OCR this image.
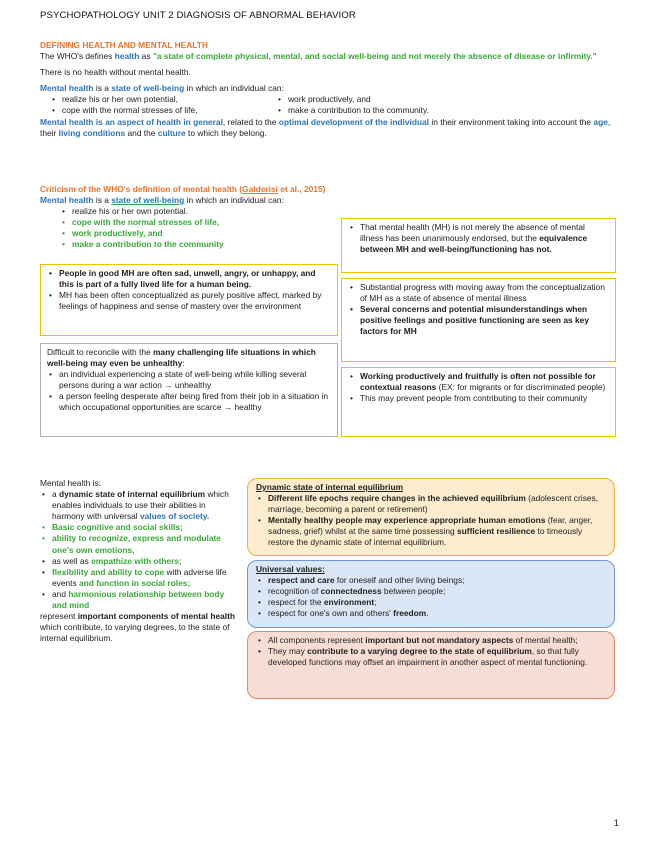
PSYCHOPATHOLOGY UNIT 2 DIAGNOSIS OF ABNORMAL BEHAVIOR

DEFINING HEALTH AND MENTAL HEALTH

The WHO's defines health as "a state of complete physical, mental, and social well-being and not merely the absence of disease or infirmity."

There is no health without mental health.

Mental health is a state of well-being in which an individual can:

• realize his or her own potential,
• cope with the normal stresses of life,
• work productively, and
• make a contribution to the community.

Mental health is an aspect of health in general, related to the optimal development of the individual in their environment taking into account the age, their living conditions and the culture to which they belong.

Criticism of the WHO's definition of mental health (Galderisi et al., 2015)

Mental health is a state of well-being in which an individual can:

• realize his or her own potential.
• cope with the normal stresses of life,
• work productively, and
• make a contribution to the community
• People in good MH are often sad, unwell, angry, or unhappy, and this is part of a fully lived life for a human being.
• MH has been often conceptualized as purely positive affect, marked by feelings of happiness and sense of mastery over the environment

Difficult to reconcile with the many challenging life situations in which well-being may even be unhealthy:

• an individual experiencing a state of well-being while killing several persons during a war action → unhealthy
• a person feeling desperate after being fired from their job in a situation in which occupational opportunities are scarce → healthy
• That mental health (MH) is not merely the absence of mental illness has been unanimously endorsed, but the equivalence between MH and well-being/functioning has not.
• Substantial progress with moving away from the conceptualization of MH as a state of absence of mental illness
• Several concerns and potential misunderstandings when positive feelings and positive functioning are seen as key factors for MH
• Working productively and fruitfully is often not possible for contextual reasons (EX: for migrants or for discriminated people)
• This may prevent people from contributing to their community

Mental health is:

• a dynamic state of internal equilibrium which enables individuals to use their abilities in harmony with universal values of society.
• Basic cognitive and social skills;
• ability to recognize, express and modulate one's own emotions,
• as well as empathize with others;
• flexibility and ability to cope with adverse life events and function in social roles;
• and harmonious relationship between body and mind

represent important components of mental health which contribute, to varying degrees, to the state of internal equilibrium.

Dynamic state of internal equilibrium

• Different life epochs require changes in the achieved equilibrium (adolescent crises, marriage, becoming a parent or retirement)
• Mentally healthy people may experience appropriate human emotions (fear, anger, sadness, grief) whilst at the same time possessing sufficient resilience to timeously restore the dynamic state of internal equilibrium.

Universal values:

• respect and care for oneself and other living beings;
• recognition of connectedness between people;
• respect for the environment;
• respect for one's own and others' freedom.
• All components represent important but not mandatory aspects of mental health;
• They may contribute to a varying degree to the state of equilibrium, so that fully developed functions may offset an impairment in another aspect of mental functioning.
1
